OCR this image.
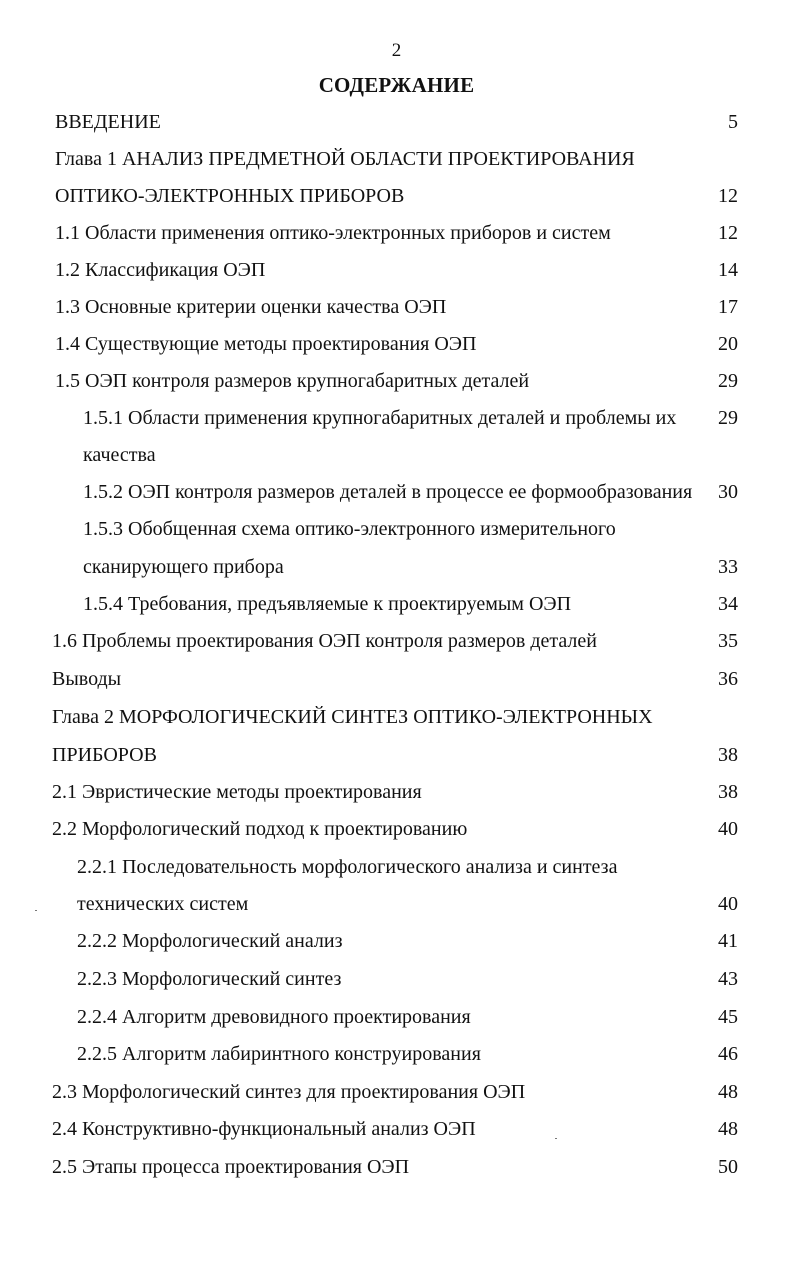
2
СОДЕРЖАНИЕ
ВВЕДЕНИЕ	5
Глава 1 АНАЛИЗ ПРЕДМЕТНОЙ ОБЛАСТИ ПРОЕКТИРОВАНИЯ
ОПТИКО-ЭЛЕКТРОННЫХ ПРИБОРОВ	12
1.1 Области применения оптико-электронных приборов и систем	12
1.2 Классификация ОЭП	14
1.3 Основные критерии оценки качества ОЭП	17
1.4 Существующие методы проектирования ОЭП	20
1.5 ОЭП контроля размеров крупногабаритных деталей	29
1.5.1 Области применения крупногабаритных деталей и проблемы их	29
качества
1.5.2 ОЭП контроля размеров деталей в процессе ее формообразования	30
1.5.3 Обобщенная схема оптико-электронного измерительного
сканирующего прибора	33
1.5.4 Требования, предъявляемые к проектируемым ОЭП	34
1.6 Проблемы проектирования ОЭП контроля размеров деталей	35
Выводы	36
Глава 2 МОРФОЛОГИЧЕСКИЙ СИНТЕЗ ОПТИКО-ЭЛЕКТРОННЫХ
ПРИБОРОВ	38
2.1 Эвристические методы проектирования	38
2.2 Морфологический подход к проектированию	40
2.2.1 Последовательность морфологического анализа и синтеза
технических систем	40
2.2.2 Морфологический анализ	41
2.2.3 Морфологический синтез	43
2.2.4 Алгоритм древовидного проектирования	45
2.2.5 Алгоритм лабиринтного конструирования	46
2.3 Морфологический синтез для проектирования ОЭП	48
2.4 Конструктивно-функциональный анализ ОЭП	48
2.5 Этапы процесса проектирования ОЭП	50
